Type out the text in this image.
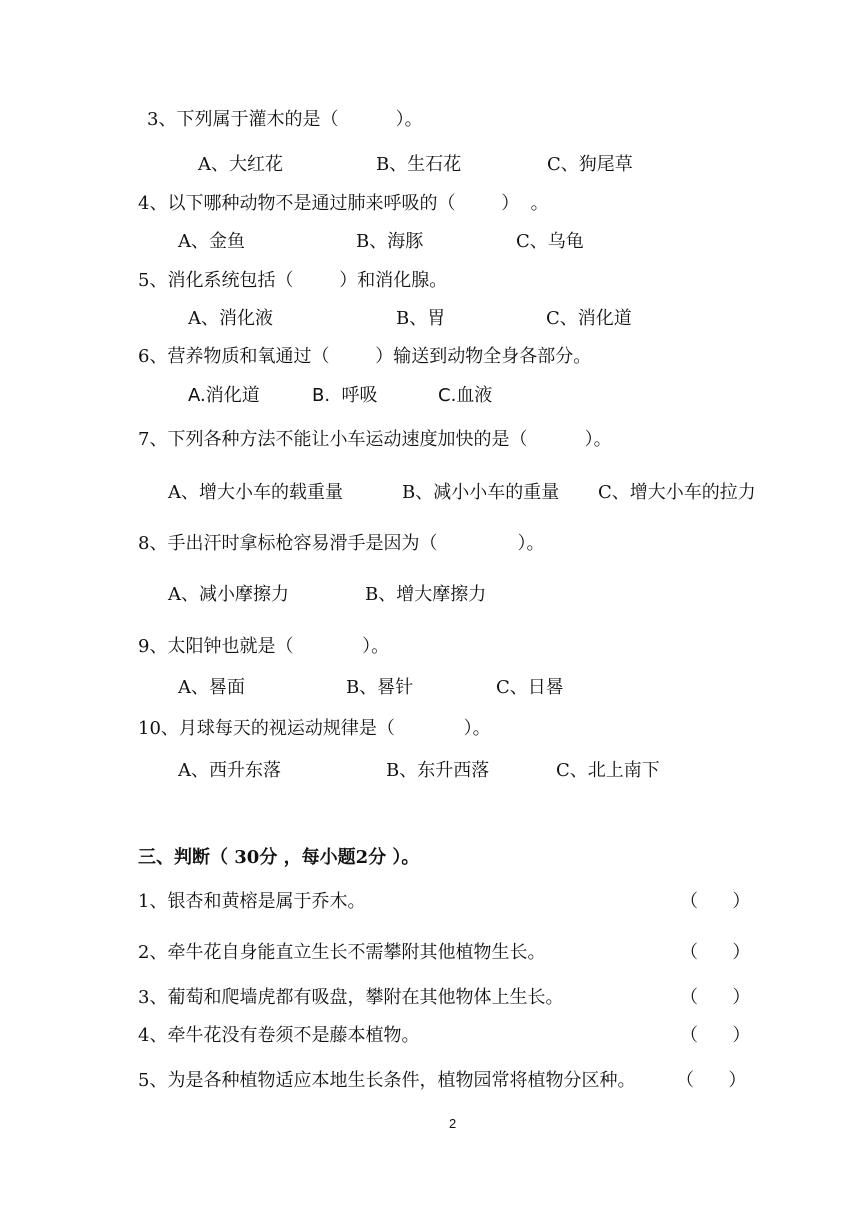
3、下列属于灌木的是（          ）。
A、大红花	B、生石花	C、狗尾草
4、以下哪种动物不是通过肺来呼吸的（        ）  。
A、金鱼	B、海豚	C、乌龟
5、消化系统包括（        ）和消化腺。
A、消化液	B、胃	C、消化道
6、营养物质和氧通过（        ）输送到动物全身各部分。
A.消化道	B.  呼吸	C.血液
7、下列各种方法不能让小车运动速度加快的是（          ）。
A、增大小车的载重量	B、减小小车的重量 C、增大小车的拉力
8、手出汗时拿标枪容易滑手是因为（              ）。
A、减小摩擦力	B、增大摩擦力
9、太阳钟也就是（            ）。
A、晷面	B、晷针	C、日晷
10、月球每天的视运动规律是（            ）。
A、西升东落	B、东升西落	C、北上南下
三、判断（ 30分 ，每小题2分 ）。
1、银杏和黄榕是属于乔木。	（      ）
2、牵牛花自身能直立生长不需攀附其他植物生长。	（      ）
3、葡萄和爬墙虎都有吸盘，攀附在其他物体上生长。	（      ）
4、牵牛花没有卷须不是藤本植物。	（      ）
5、为是各种植物适应本地生长条件，植物园常将植物分区种。 （      ）
2
